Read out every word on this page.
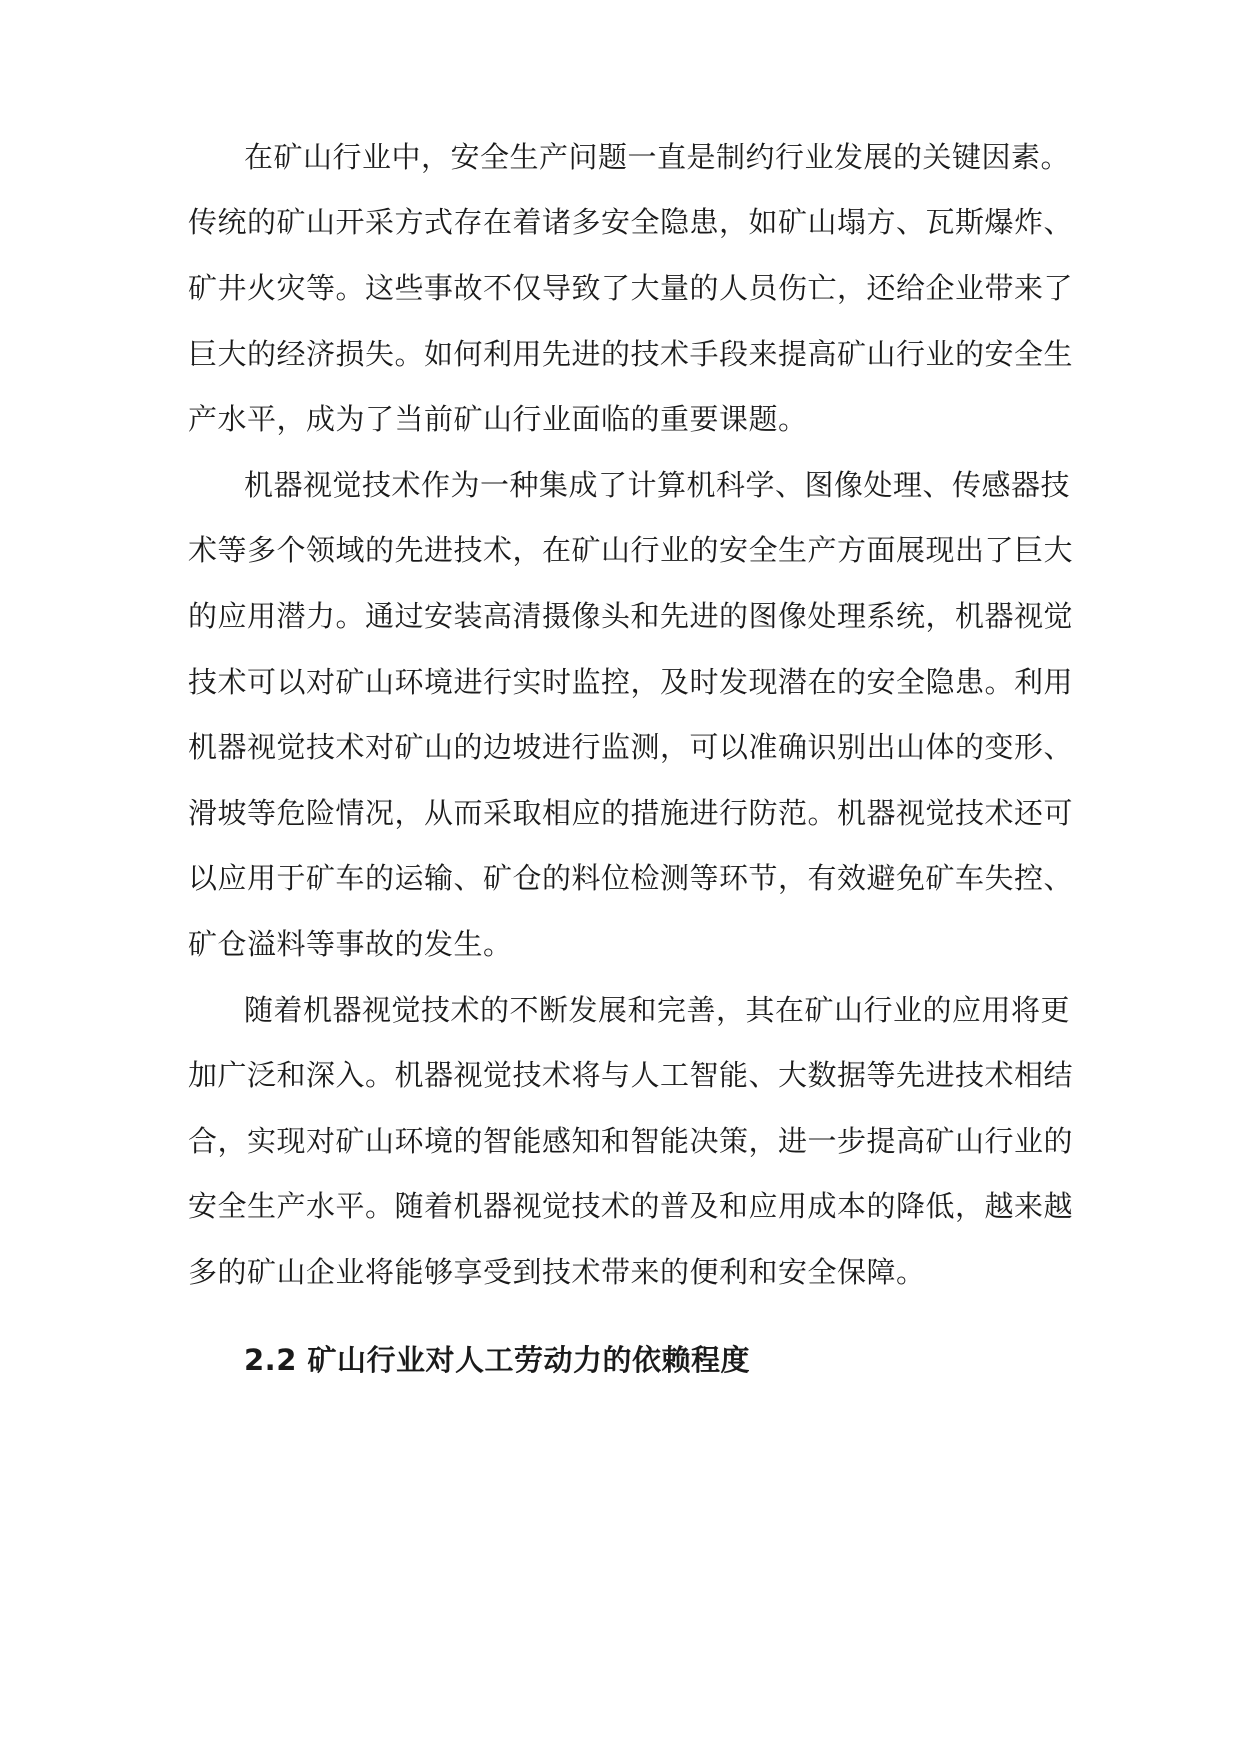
在矿山行业中，安全生产问题一直是制约行业发展的关键因素。
传统的矿山开采方式存在着诸多安全隐患，如矿山塌方、瓦斯爆炸、
矿井火灾等。这些事故不仅导致了大量的人员伤亡，还给企业带来了
巨大的经济损失。如何利用先进的技术手段来提高矿山行业的安全生
产水平，成为了当前矿山行业面临的重要课题。
机器视觉技术作为一种集成了计算机科学、图像处理、传感器技
术等多个领域的先进技术，在矿山行业的安全生产方面展现出了巨大
的应用潜力。通过安装高清摄像头和先进的图像处理系统，机器视觉
技术可以对矿山环境进行实时监控，及时发现潜在的安全隐患。利用
机器视觉技术对矿山的边坡进行监测，可以准确识别出山体的变形、
滑坡等危险情况，从而采取相应的措施进行防范。机器视觉技术还可
以应用于矿车的运输、矿仓的料位检测等环节，有效避免矿车失控、
矿仓溢料等事故的发生。
随着机器视觉技术的不断发展和完善，其在矿山行业的应用将更
加广泛和深入。机器视觉技术将与人工智能、大数据等先进技术相结
合，实现对矿山环境的智能感知和智能决策，进一步提高矿山行业的
安全生产水平。随着机器视觉技术的普及和应用成本的降低，越来越
多的矿山企业将能够享受到技术带来的便利和安全保障。
2.2 矿山行业对人工劳动力的依赖程度
